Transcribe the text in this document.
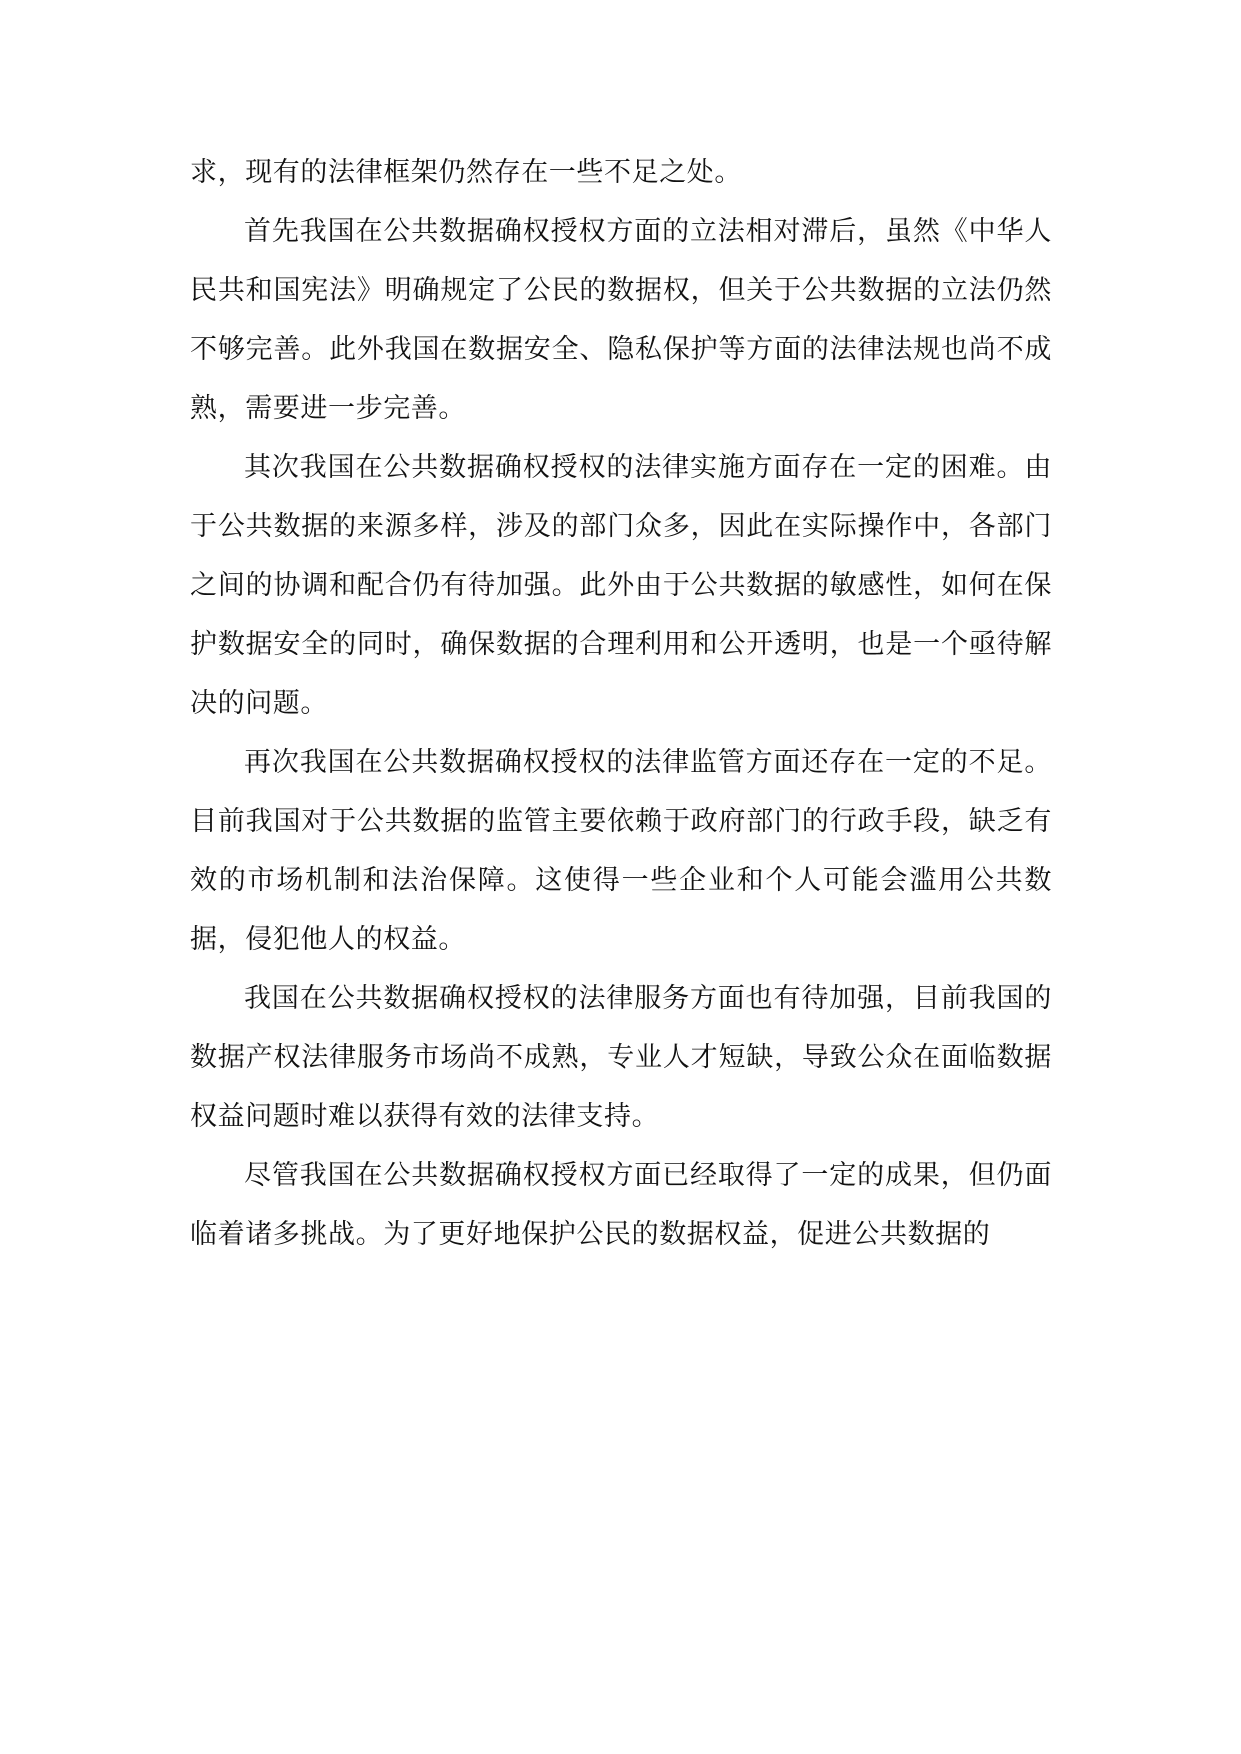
求，现有的法律框架仍然存在一些不足之处。

首先我国在公共数据确权授权方面的立法相对滞后，虽然《中华人民共和国宪法》明确规定了公民的数据权，但关于公共数据的立法仍然不够完善。此外我国在数据安全、隐私保护等方面的法律法规也尚不成熟，需要进一步完善。

其次我国在公共数据确权授权的法律实施方面存在一定的困难。由于公共数据的来源多样，涉及的部门众多，因此在实际操作中，各部门之间的协调和配合仍有待加强。此外由于公共数据的敏感性，如何在保护数据安全的同时，确保数据的合理利用和公开透明，也是一个亟待解决的问题。

再次我国在公共数据确权授权的法律监管方面还存在一定的不足。目前我国对于公共数据的监管主要依赖于政府部门的行政手段，缺乏有效的市场机制和法治保障。这使得一些企业和个人可能会滥用公共数据，侵犯他人的权益。

我国在公共数据确权授权的法律服务方面也有待加强，目前我国的数据产权法律服务市场尚不成熟，专业人才短缺，导致公众在面临数据权益问题时难以获得有效的法律支持。

尽管我国在公共数据确权授权方面已经取得了一定的成果，但仍面临着诸多挑战。为了更好地保护公民的数据权益，促进公共数据的
